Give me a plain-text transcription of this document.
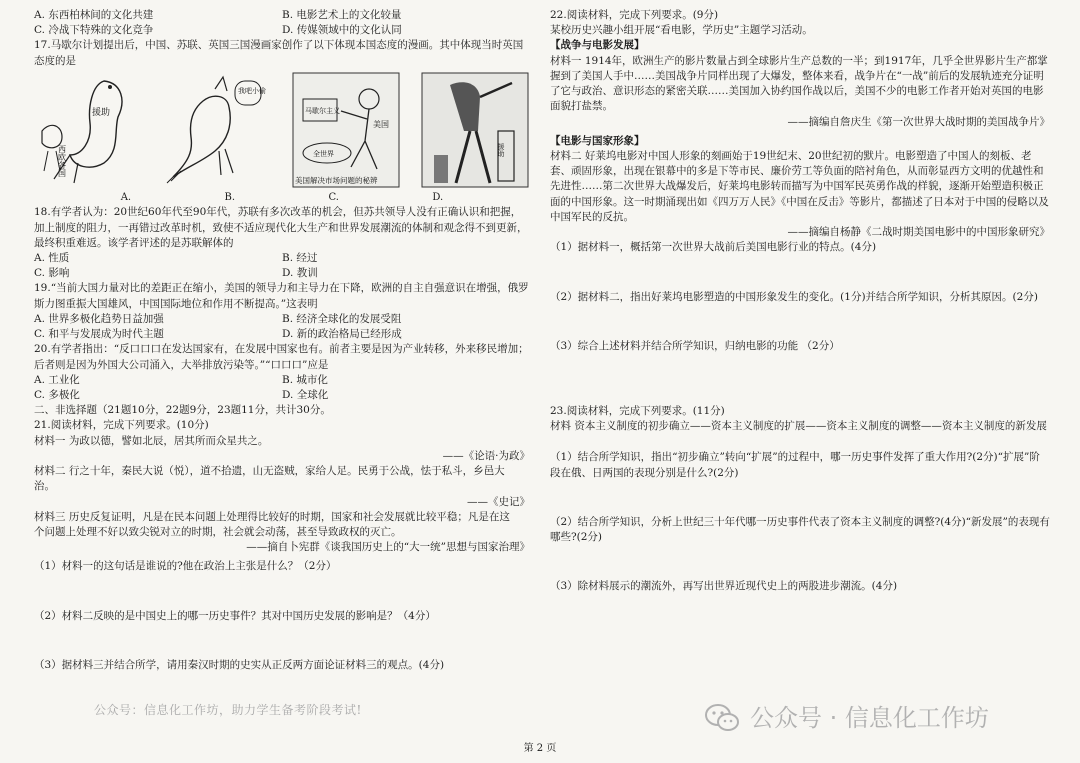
A. 东西柏林间的文化共建	B. 电影艺术上的文化较量
C. 冷战下特殊的文化竞争	D. 传媒领域中的文化认同

17.马歇尔计划提出后，中国、苏联、英国三国漫画家创作了以下体现本国态度的漫画。其中体现当时英国态度的是

援助
西欧各国
我吧小偷
马歇尔主义
美国
全世界
美国解决市场问题的秘辨
援助
A.	B.	C.	D.

18.有学者认为：20世纪60年代至90年代，苏联有多次改革的机会，但苏共领导人没有正确认识和把握，加上制度的阻力，一再错过改革时机，致使不适应现代化大生产和世界发展潮流的体制和观念得不到更新，最终积重难返。该学者评述的是苏联解体的

A. 性质	B. 经过
C. 影响	D. 教训

19.“当前大国力量对比的差距正在缩小，美国的领导力和主导力在下降，欧洲的自主自强意识在增强，俄罗斯力图重振大国雄风，中国国际地位和作用不断提高。”这表明

A. 世界多极化趋势日益加强	B. 经济全球化的发展受阻
C. 和平与发展成为时代主题	D. 新的政治格局已经形成

20.有学者指出：“反口口口在发达国家有，在发展中国家也有。前者主要是因为产业转移，外来移民增加；后者则是因为外国大公司涌入，大举排放污染等。”“口口口”应是

A. 工业化	B. 城市化
C. 多极化	D. 全球化

二、非选择题（21题10分，22题9分，23题11分，共计30分。

21.阅读材料，完成下列要求。(10分)

材料一 为政以德，譬如北辰，居其所而众星共之。

——《论语·为政》

材料二 行之十年，秦民大说（悦），道不拾遗，山无盗贼，家给人足。民勇于公战，怯于私斗，乡邑大

治。

——《史记》

材料三 历史反复证明，凡是在民本问题上处理得比较好的时期，国家和社会发展就比较平稳；凡是在这

个问题上处理不好以致尖锐对立的时期，社会就会动荡，甚至导致政权的灭亡。

——摘自卜宪群《谈我国历史上的“大一统”思想与国家治理》

（1）材料一的这句话是谁说的?他在政治上主张是什么？（2分）

（2）材料二反映的是中国史上的哪一历史事件？其对中国历史发展的影响是？（4分）

（3）据材料三并结合所学，请用秦汉时期的史实从正反两方面论证材料三的观点。(4分)

22.阅读材料，完成下列要求。(9分)

某校历史兴趣小组开展“看电影，学历史”主题学习活动。

【战争与电影发展】

材料一 1914年，欧洲生产的影片数量占到全球影片生产总数的一半；到1917年，几乎全世界影片生产都掌握到了美国人手中……美国战争片同样出现了大爆发，整体来看，战争片在“一战”前后的发展轨迹充分证明了它与政治、意识形态的紧密关联……美国加入协约国作战以后，美国不少的电影工作者开始对英国的电影面貌打盐禁。

——摘编自詹庆生《第一次世界大战时期的美国战争片》

【电影与国家形象】

材料二 好莱坞电影对中国人形象的刻画始于19世纪末、20世纪初的默片。电影塑造了中国人的刻板、老套、顽固形象，出现在银幕中的多是下等市民、廉价劳工等负面的陪衬角色，从而彰显西方文明的优越性和先进性……第二次世界大战爆发后，好莱坞电影转而描写为中国军民英勇作战的样貌，逐渐开始塑造积极正面的中国形象。这一时期涌现出如《四万万人民》《中国在反击》等影片，都描述了日本对于中国的侵略以及中国军民的反抗。

——摘编自杨静《二战时期美国电影中的中国形象研究》

（1）据材料一，概括第一次世界大战前后美国电影行业的特点。(4分)

（2）据材料二，指出好莱坞电影塑造的中国形象发生的变化。(1分)并结合所学知识，分析其原因。(2分)

（3）综合上述材料并结合所学知识，归纳电影的功能 （2分）

23.阅读材料，完成下列要求。(11分)

材料 资本主义制度的初步确立——资本主义制度的扩展——资本主义制度的调整——资本主义制度的新发展

（1）结合所学知识，指出“初步确立”转向“扩展”的过程中，哪一历史事件发挥了重大作用?(2分)“扩展”阶段在俄、日两国的表现分别是什么?(2分)

（2）结合所学知识，分析上世纪三十年代哪一历史事件代表了资本主义制度的调整?(4分)“新发展”的表现有哪些?(2分)

（3）除材料展示的潮流外，再写出世界近现代史上的两股进步潮流。(4分)

公众号：信息化工作坊，助力学生备考阶段考试!	公众号 · 信息化工作坊
第 2 页
